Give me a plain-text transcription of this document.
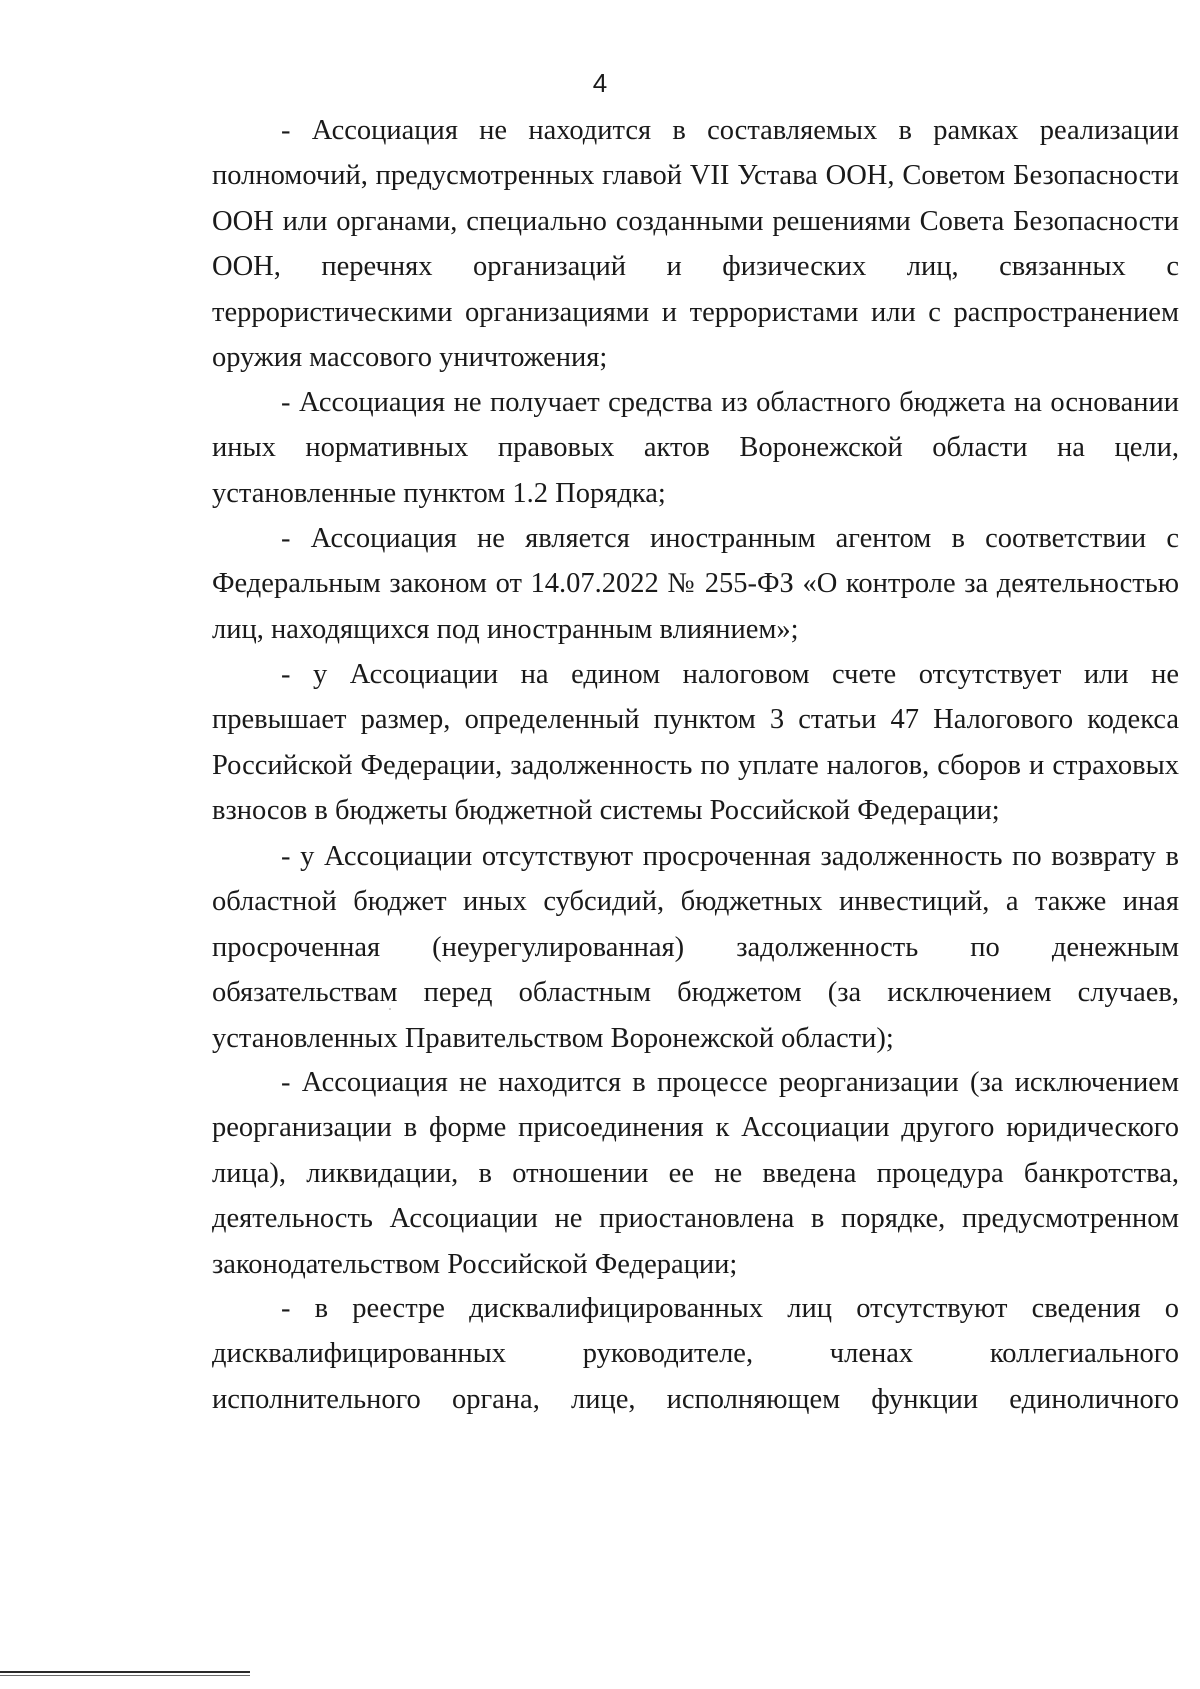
4

- Ассоциация не находится в составляемых в рамках реализации полномочий, предусмотренных главой VII Устава ООН, Советом Безопасности ООН или органами, специально созданными решениями Совета Безопасности ООН, перечнях организаций и физических лиц, связанных с террористическими организациями и террористами или с распространением оружия массового уничтожения;

- Ассоциация не получает средства из областного бюджета на основании иных нормативных правовых актов Воронежской области на цели, установленные пунктом 1.2 Порядка;

- Ассоциация не является иностранным агентом в соответствии с Федеральным законом от 14.07.2022 № 255-ФЗ «О контроле за деятельностью лиц, находящихся под иностранным влиянием»;

- у Ассоциации на едином налоговом счете отсутствует или не превышает размер, определенный пунктом 3 статьи 47 Налогового кодекса Российской Федерации, задолженность по уплате налогов, сборов и страховых взносов в бюджеты бюджетной системы Российской Федерации;

- у Ассоциации отсутствуют просроченная задолженность по возврату в областной бюджет иных субсидий, бюджетных инвестиций, а также иная просроченная (неурегулированная) задолженность по денежным обязательствам перед областным бюджетом (за исключением случаев, установленных Правительством Воронежской области);

- Ассоциация не находится в процессе реорганизации (за исключением реорганизации в форме присоединения к Ассоциации другого юридического лица), ликвидации, в отношении ее не введена процедура банкротства, деятельность Ассоциации не приостановлена в порядке, предусмотренном законодательством Российской Федерации;

- в реестре дисквалифицированных лиц отсутствуют сведения о дисквалифицированных руководителе, членах коллегиального исполнительного органа, лице, исполняющем функции единоличного
